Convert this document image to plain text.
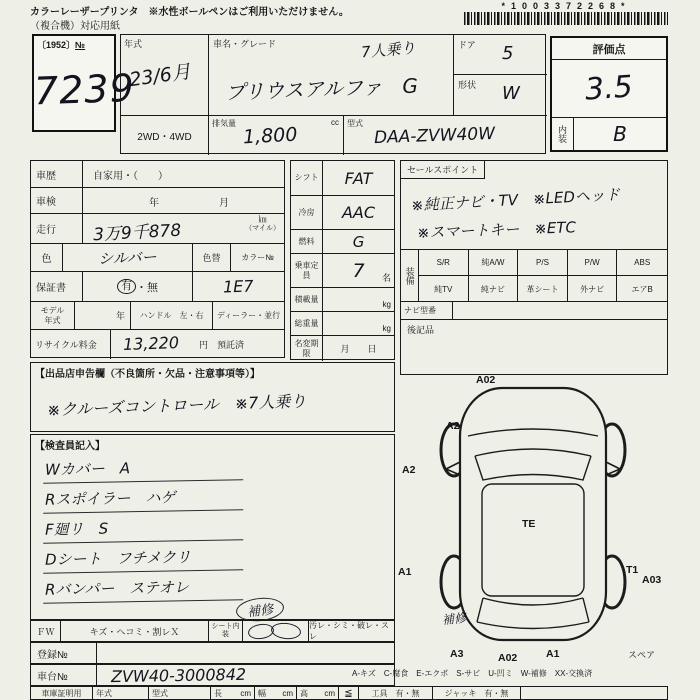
カラーレーザープリンタ　※水性ボールペンはご利用いただけません。
（複合機）対応用紙
*1003372268*
〔1952〕№
7239
年式
23/6月
車名・グレード	7人乗り
プリウスアルファ　G
ドア 5
形状 W
2WD・4WD
排気量	cc
1,800
型式
DAA-ZVW40W
評価点
3.5
内装	B
車歴	自家用・（　　）
車検	年	月
走行	3万9千878
㎞
（マイル）
色	シルバー	色替	カラー№
保証書	有 ・ 無	1E7
モデル
年式	年	ハンドル　左・右	ディーラー・並行
リサイクル料金	13,220 円　預託済
シフト FAT
冷房	AAC
燃料	G
乗車定員	7 名
積載量
kg
総重量
kg
名変期限	月　　日
セールスポイント
※純正ナビ・TV　※LEDヘッド
※スマートキー　※ETC
装備
S/R	純A/W	P/S	P/W	ABS
純TV	純ナビ	革シート	外ナビ	エアB
ナビ型番
後記品
【出品店申告欄（不良箇所・欠品・注意事項等）】
※クルーズコントロール　※7人乗り
【検査員記入】
Wカバー　A
Rスポイラー　ハゲ
F廻リ　S
Dシート　フチメクリ
Rバンパー　ステオレ
補修
A02
A2
A2
A1
A3	A02	A1
T1
A03
TE
補修
スペア
A-キズ　C-腐食　E-エクボ　S-サビ　U-凹ミ　W-補修　XX-交換済
ＦＷ	キズ・ヘコミ・割レＸ
シート内装
汚レ・シミ・破レ・スレ
登録№
車台№	ZVW40-3000842
車庫証明用	年式	型式	長 cm 幅 cm 高 cm ≦	工具　有・無	ジャッキ　有・無
